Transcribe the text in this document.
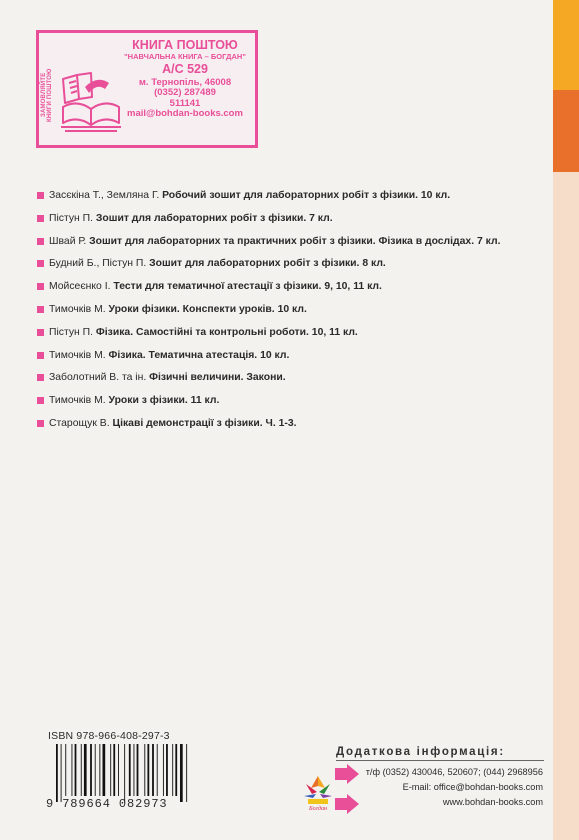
ЗАМОВЛЯЙТЕ КНИГИ ПОШТОЮ
КНИГА ПОШТОЮ
"НАВЧАЛЬНА КНИГА – БОГДАН"
А/С 529
м. Тернопіль, 46008
(0352) 287489
511141
mail@bohdan-books.com
Засєкіна Т., Земляна Г. Робочий зошит для лабораторних робіт з фізики. 10 кл.
Пістун П. Зошит для лабораторних робіт з фізики. 7 кл.
Швай Р. Зошит для лабораторних та практичних робіт з фізики. Фізика в дослідах. 7 кл.
Будний Б., Пістун П. Зошит для лабораторних робіт з фізики. 8 кл.
Мойсеєнко І. Тести для тематичної атестації з фізики. 9, 10, 11 кл.
Тимочків М. Уроки фізики. Конспекти уроків. 10 кл.
Пістун П. Фізика. Самостійні та контрольні роботи. 10, 11 кл.
Тимочків М. Фізика. Тематична атестація. 10 кл.
Заболотний В. та ін. Фізичні величини. Закони.
Тимочків М. Уроки з фізики. 11 кл.
Старощук В. Цікаві демонстрації з фізики. Ч. 1-3.
ISBN 978-966-408-297-3
9 789664 082973	Богдан
Додаткова інформація:
т/ф (0352) 430046, 520607; (044) 2968956
E-mail: office@bohdan-books.com
www.bohdan-books.com
